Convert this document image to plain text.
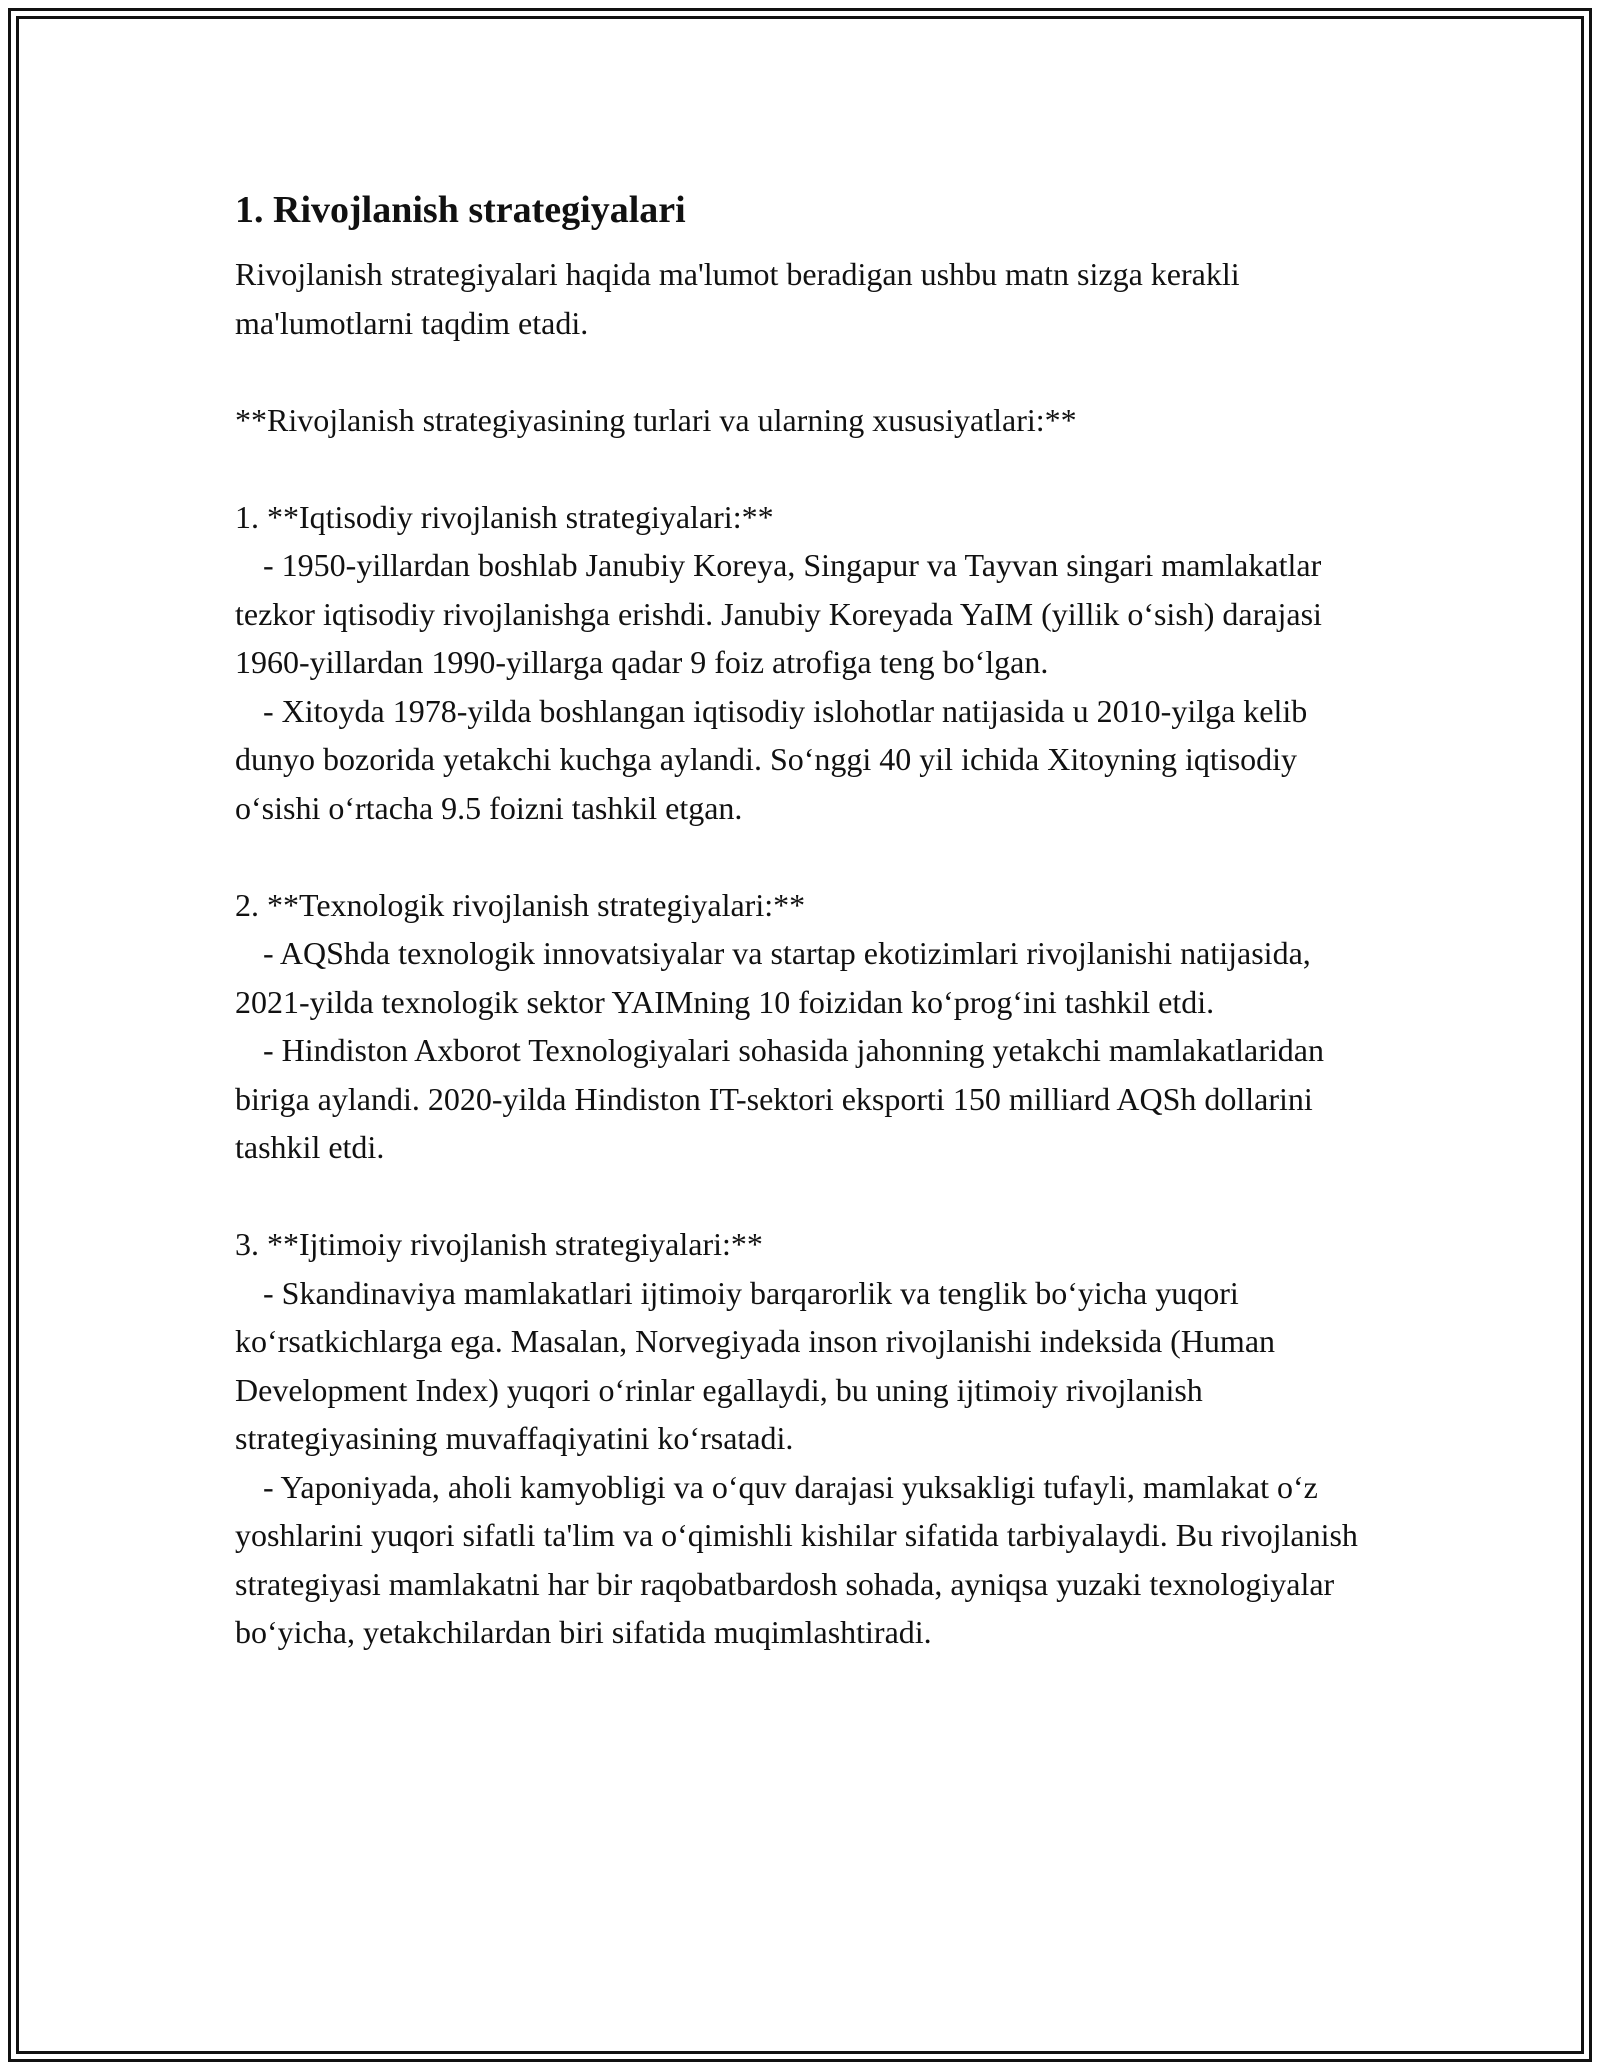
1. Rivojlanish strategiyalari

Rivojlanish strategiyalari haqida ma'lumot beradigan ushbu matn sizga kerakli ma'lumotlarni taqdim etadi.

**Rivojlanish strategiyasining turlari va ularning xususiyatlari:**

1. **Iqtisodiy rivojlanish strategiyalari:**

- 1950-yillardan boshlab Janubiy Koreya, Singapur va Tayvan singari mamlakatlar tezkor iqtisodiy rivojlanishga erishdi. Janubiy Koreyada YaIM (yillik o‘sish) darajasi 1960-yillardan 1990-yillarga qadar 9 foiz atrofiga teng bo‘lgan.

- Xitoyda 1978-yilda boshlangan iqtisodiy islohotlar natijasida u 2010-yilga kelib dunyo bozorida yetakchi kuchga aylandi. So‘nggi 40 yil ichida Xitoyning iqtisodiy o‘sishi o‘rtacha 9.5 foizni tashkil etgan.

2. **Texnologik rivojlanish strategiyalari:**

- AQShda texnologik innovatsiyalar va startap ekotizimlari rivojlanishi natijasida, 2021-yilda texnologik sektor YAIMning 10 foizidan ko‘prog‘ini tashkil etdi.

- Hindiston Axborot Texnologiyalari sohasida jahonning yetakchi mamlakatlaridan biriga aylandi. 2020-yilda Hindiston IT-sektori eksporti 150 milliard AQSh dollarini tashkil etdi.

3. **Ijtimoiy rivojlanish strategiyalari:**

- Skandinaviya mamlakatlari ijtimoiy barqarorlik va tenglik bo‘yicha yuqori ko‘rsatkichlarga ega. Masalan, Norvegiyada inson rivojlanishi indeksida (Human Development Index) yuqori o‘rinlar egallaydi, bu uning ijtimoiy rivojlanish strategiyasining muvaffaqiyatini ko‘rsatadi.

- Yaponiyada, aholi kamyobligi va o‘quv darajasi yuksakligi tufayli, mamlakat o‘z yoshlarini yuqori sifatli ta'lim va o‘qimishli kishilar sifatida tarbiyalaydi. Bu rivojlanish strategiyasi mamlakatni har bir raqobatbardosh sohada, ayniqsa yuzaki texnologiyalar bo‘yicha, yetakchilardan biri sifatida muqimlashtiradi.
